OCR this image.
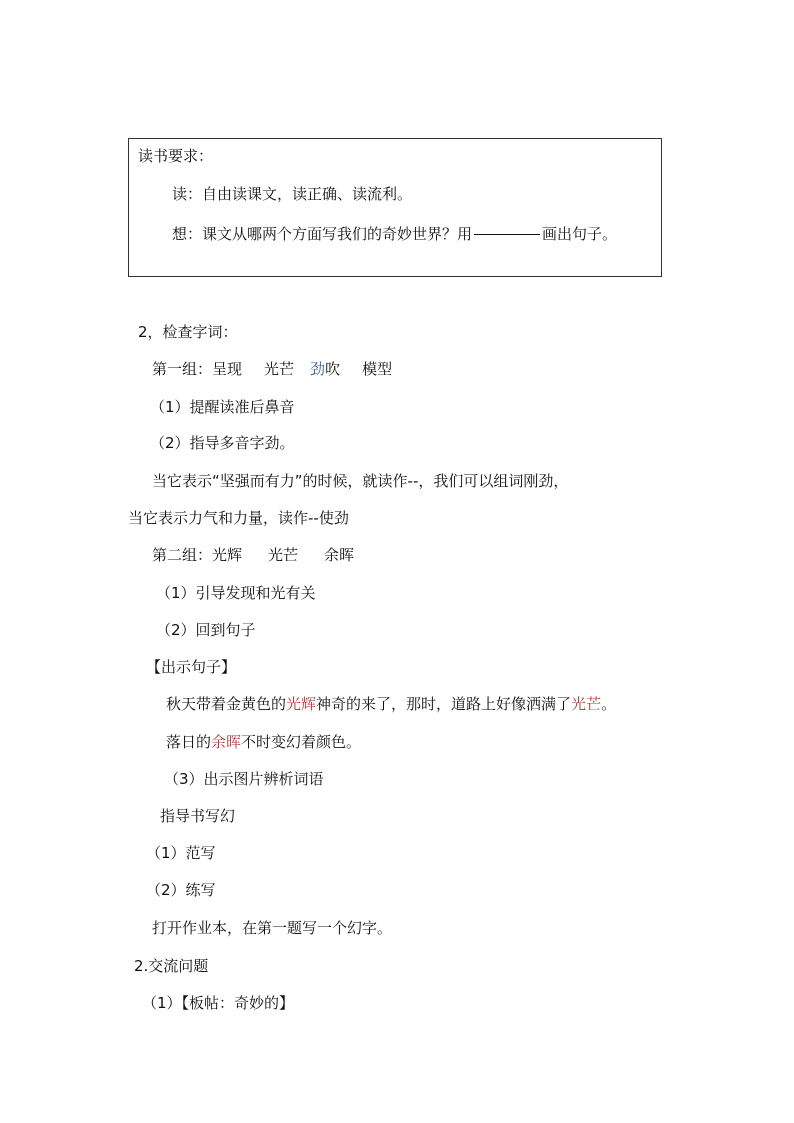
读书要求：
读：自由读课文，读正确、读流利。
想：课文从哪两个方面写我们的奇妙世界？用	画出句子。
2，检查字词：
第一组：呈现 光芒 劲吹 模型
（1）提醒读准后鼻音
（2）指导多音字劲。
当它表示“坚强而有力”的时候，就读作--，我们可以组词刚劲，
当它表示力气和力量，读作--使劲
第二组：光辉 光芒 余晖
（1）引导发现和光有关
（2）回到句子
【出示句子】
秋天带着金黄色的光辉神奇的来了，那时，道路上好像洒满了光芒。
落日的余晖不时变幻着颜色。
（3）出示图片辨析词语
指导书写幻
（1）范写
（2）练写
打开作业本，在第一题写一个幻字。
2.交流问题
（1）【板帖：奇妙的】
